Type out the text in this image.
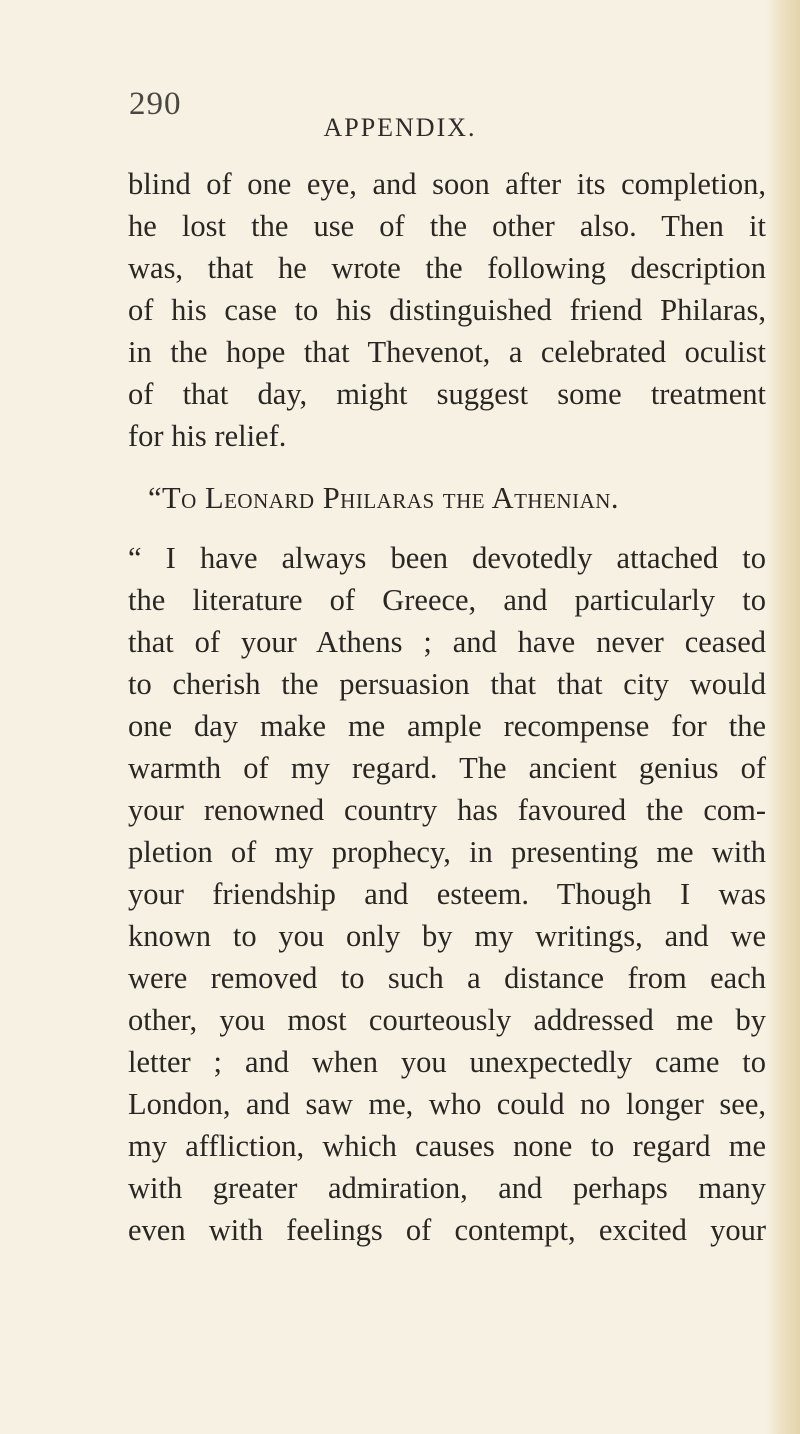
290
APPENDIX.
blind of one eye, and soon after its completion,
he lost the use of the other also. Then it
was, that he wrote the following description
of his case to his distinguished friend Philaras,
in the hope that Thevenot, a celebrated oculist
of that day, might suggest some treatment
for his relief.
“To Leonard Philaras the Athenian.
“ I have always been devotedly attached to
the literature of Greece, and particularly to
that of your Athens ; and have never ceased
to cherish the persuasion that that city would
one day make me ample recompense for the
warmth of my regard. The ancient genius of
your renowned country has favoured the com-
pletion of my prophecy, in presenting me with
your friendship and esteem. Though I was
known to you only by my writings, and we
were removed to such a distance from each
other, you most courteously addressed me by
letter ; and when you unexpectedly came to
London, and saw me, who could no longer see,
my affliction, which causes none to regard me
with greater admiration, and perhaps many
even with feelings of contempt, excited your
